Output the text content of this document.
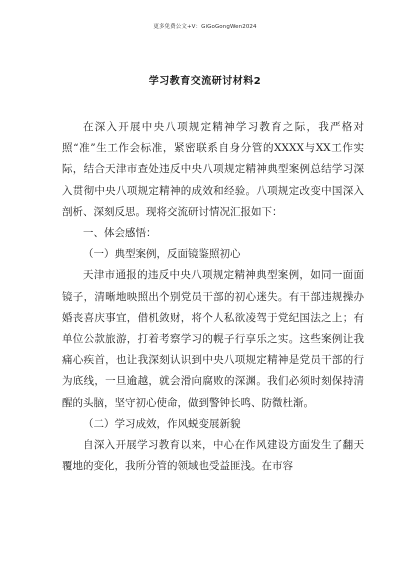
更多免费公文+V：GiGoGongWen2024
学习教育交流研讨材料2

在深入开展中央八项规定精神学习教育之际，我严格对照“准”生工作会标准，紧密联系自身分管的XXXX与XX工作实际，结合天津市查处违反中央八项规定精神典型案例总结学习深入贯彻中央八项规定精神的成效和经验。八项规定改变中国深入剖析、深刻反思。现将交流研讨情况汇报如下：

一、体会感悟：

（一）典型案例，反面镜鉴照初心

天津市通报的违反中央八项规定精神典型案例，如同一面面镜子，清晰地映照出个别党员干部的初心迷失。有干部违规操办婚丧喜庆事宜，借机敛财，将个人私欲凌驾于党纪国法之上；有单位公款旅游，打着考察学习的幌子行享乐之实。这些案例让我痛心疾首，也让我深刻认识到中央八项规定精神是党员干部的行为底线，一旦逾越，就会滑向腐败的深渊。我们必须时刻保持清醒的头脑，坚守初心使命，做到警钟长鸣、防微杜渐。

（二）学习成效，作风蜕变展新貌

自深入开展学习教育以来，中心在作风建设方面发生了翻天覆地的变化，我所分管的领域也受益匪浅。在市容
